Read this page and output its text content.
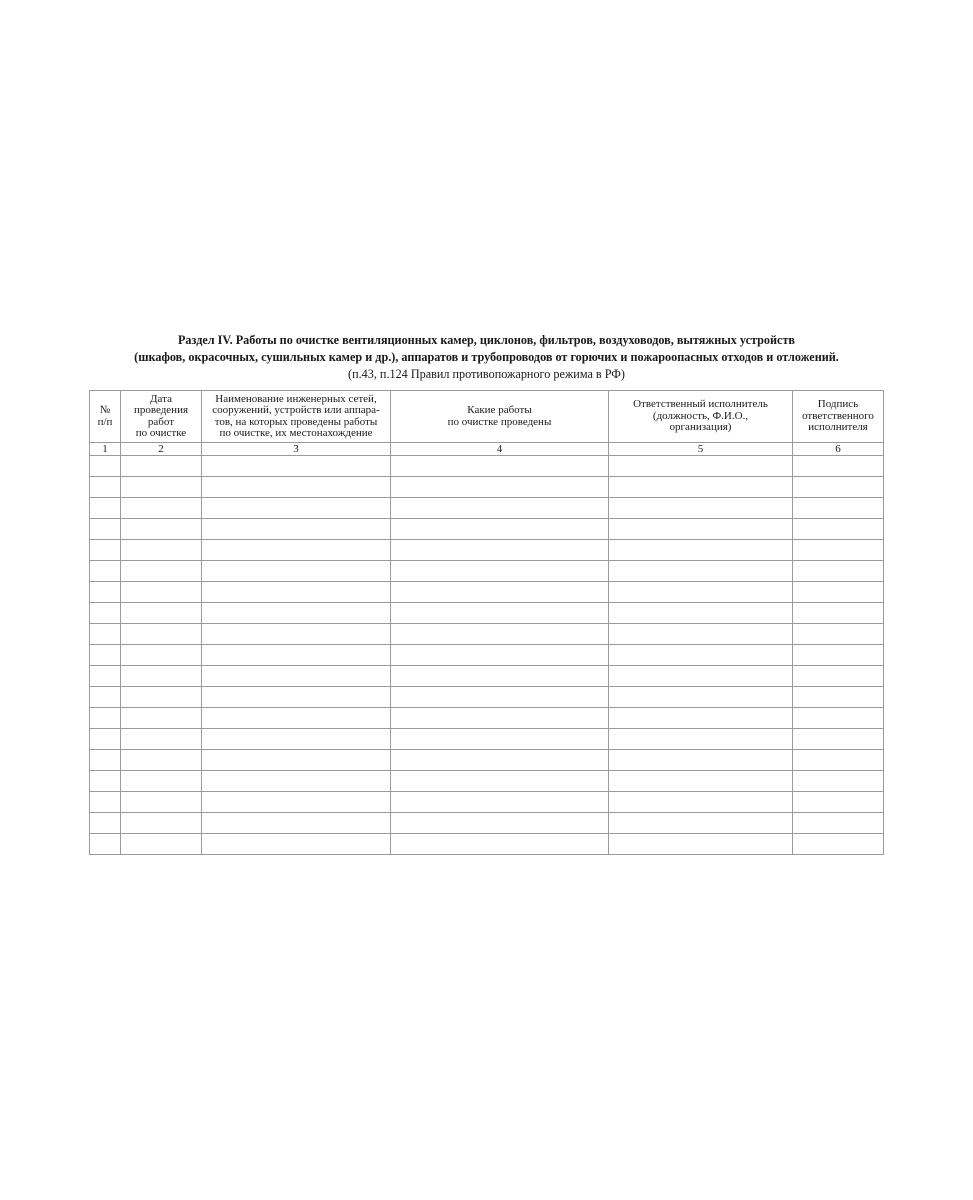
Раздел IV. Работы по очистке вентиляционных камер, циклонов, фильтров, воздуховодов, вытяжных устройств
(шкафов, окрасочных, сушильных камер и др.), аппаратов и трубопроводов от горючих и пожароопасных отходов и отложений.
(п.43, п.124 Правил противопожарного режима в РФ)
№
п/п	Дата
проведения
работ
по очистке	Наименование инженерных сетей,
сооружений, устройств или аппара-
тов, на которых проведены работы
по очистке, их местонахождение	Какие работы
по очистке проведены	Ответственный исполнитель
(должность, Ф.И.О.,
организация)	Подпись
ответственного
исполнителя

1	2	3	4	5	6
